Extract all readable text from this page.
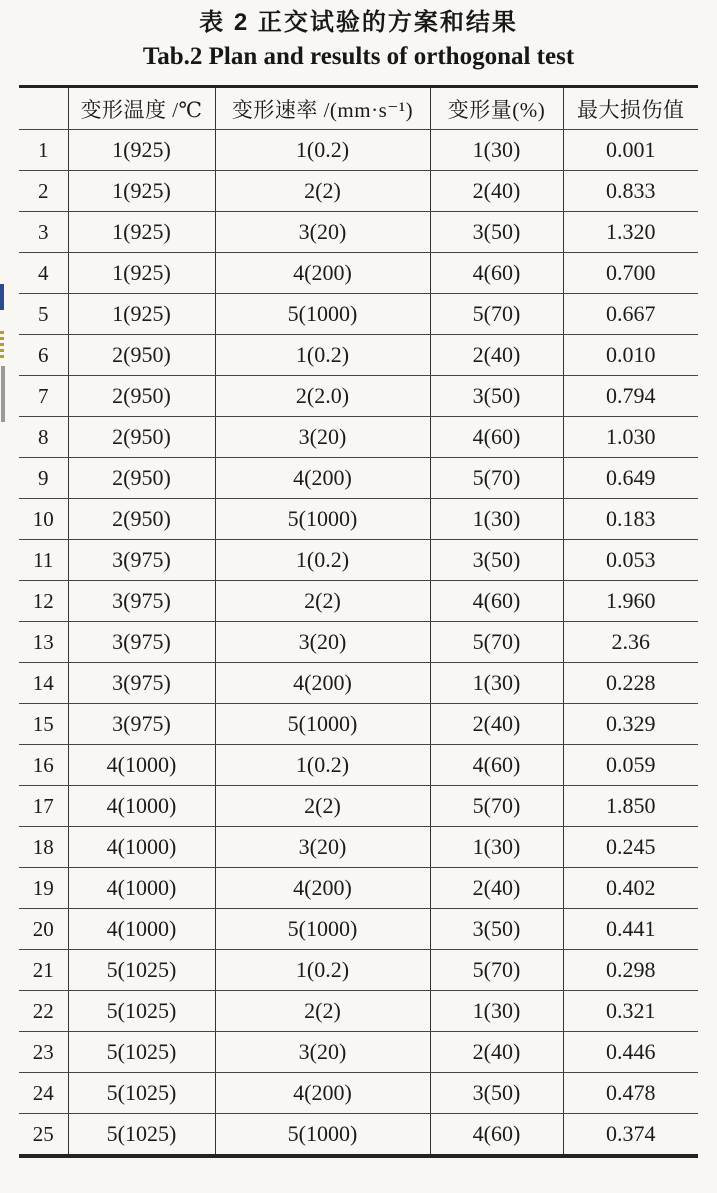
表 2 正交试验的方案和结果
Tab.2 Plan and results of orthogonal test
	变形温度 /℃	变形速率 /(mm·s⁻¹)	变形量(%)	最大损伤值
1	1(925)	1(0.2)	1(30)	0.001
2	1(925)	2(2)	2(40)	0.833
3	1(925)	3(20)	3(50)	1.320
4	1(925)	4(200)	4(60)	0.700
5	1(925)	5(1000)	5(70)	0.667
6	2(950)	1(0.2)	2(40)	0.010
7	2(950)	2(2.0)	3(50)	0.794
8	2(950)	3(20)	4(60)	1.030
9	2(950)	4(200)	5(70)	0.649
10	2(950)	5(1000)	1(30)	0.183
11	3(975)	1(0.2)	3(50)	0.053
12	3(975)	2(2)	4(60)	1.960
13	3(975)	3(20)	5(70)	2.36
14	3(975)	4(200)	1(30)	0.228
15	3(975)	5(1000)	2(40)	0.329
16	4(1000)	1(0.2)	4(60)	0.059
17	4(1000)	2(2)	5(70)	1.850
18	4(1000)	3(20)	1(30)	0.245
19	4(1000)	4(200)	2(40)	0.402
20	4(1000)	5(1000)	3(50)	0.441
21	5(1025)	1(0.2)	5(70)	0.298
22	5(1025)	2(2)	1(30)	0.321
23	5(1025)	3(20)	2(40)	0.446
24	5(1025)	4(200)	3(50)	0.478
25	5(1025)	5(1000)	4(60)	0.374
